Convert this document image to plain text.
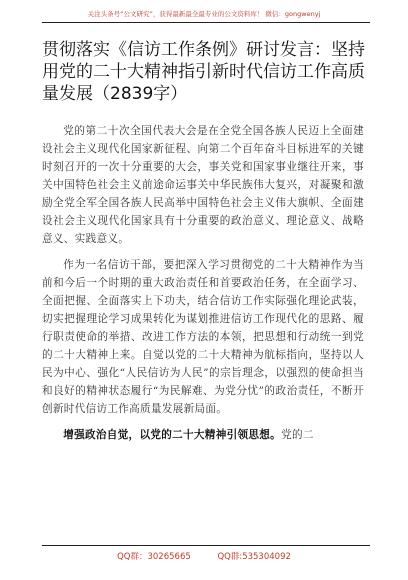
关注头条号“公文研究”，获得最新最全最专业的公文资料库！ 微信：gongwenyj
贯彻落实《信访工作条例》研讨发言：坚持用党的二十大精神指引新时代信访工作高质量发展（2839字）

党的第二十次全国代表大会是在全党全国各族人民迈上全面建设社会主义现代化国家新征程、向第二个百年奋斗目标进军的关键时刻召开的一次十分重要的大会，事关党和国家事业继往开来，事关中国特色社会主义前途命运事关中华民族伟大复兴，对凝聚和激励全党全军全国各族人民高举中国特色社会主义伟大旗帜、全面建设社会主义现代化国家具有十分重要的政治意义、理论意义、战略意义、实践意义。

作为一名信访干部，要把深入学习贯彻党的二十大精神作为当前和今后一个时期的重大政治责任和首要政治任务，在全面学习、全面把握、全面落实上下功夫，结合信访工作实际强化理论武装，切实把握理论学习成果转化为谋划推进信访工作现代化的思路、履行职责使命的举措、改进工作方法的本领，把思想和行动统一到党的二十大精神上来。自觉以党的二十大精神为航标指向，坚持以人民为中心、强化“人民信访为人民”的宗旨理念，以强烈的使命担当和良好的精神状态履行“为民解难、为党分忧”的政治责任，不断开创新时代信访工作高质量发展新局面。

增强政治自觉，以党的二十大精神引领思想。党的二

QQ群：30265665	QQ群:535304092
